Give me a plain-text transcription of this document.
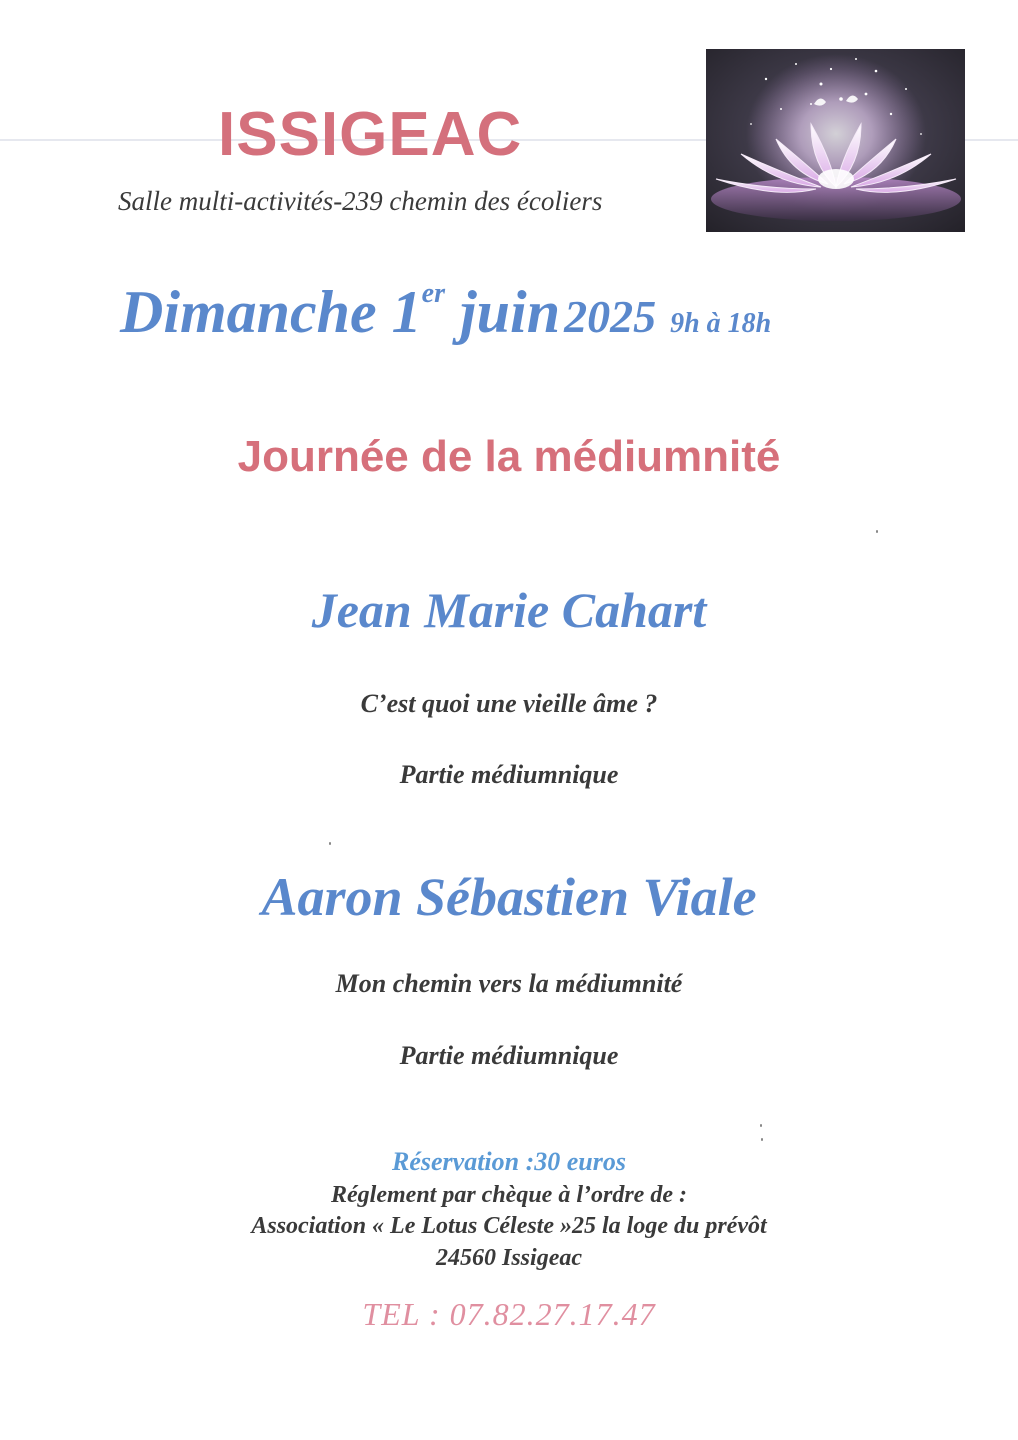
ISSIGEAC
Salle multi-activités-239 chemin des écoliers
Dimanche 1er juin 2025 9h à 18h
Journée de la médiumnité
Jean Marie Cahart
C’est quoi une vieille âme ?
Partie médiumnique
Aaron Sébastien Viale
Mon chemin vers la médiumnité
Partie médiumnique
Réservation :30 euros
Réglement par chèque à l’ordre de :
Association « Le Lotus Céleste »25 la loge du prévôt
24560 Issigeac
TEL : 07.82.27.17.47
